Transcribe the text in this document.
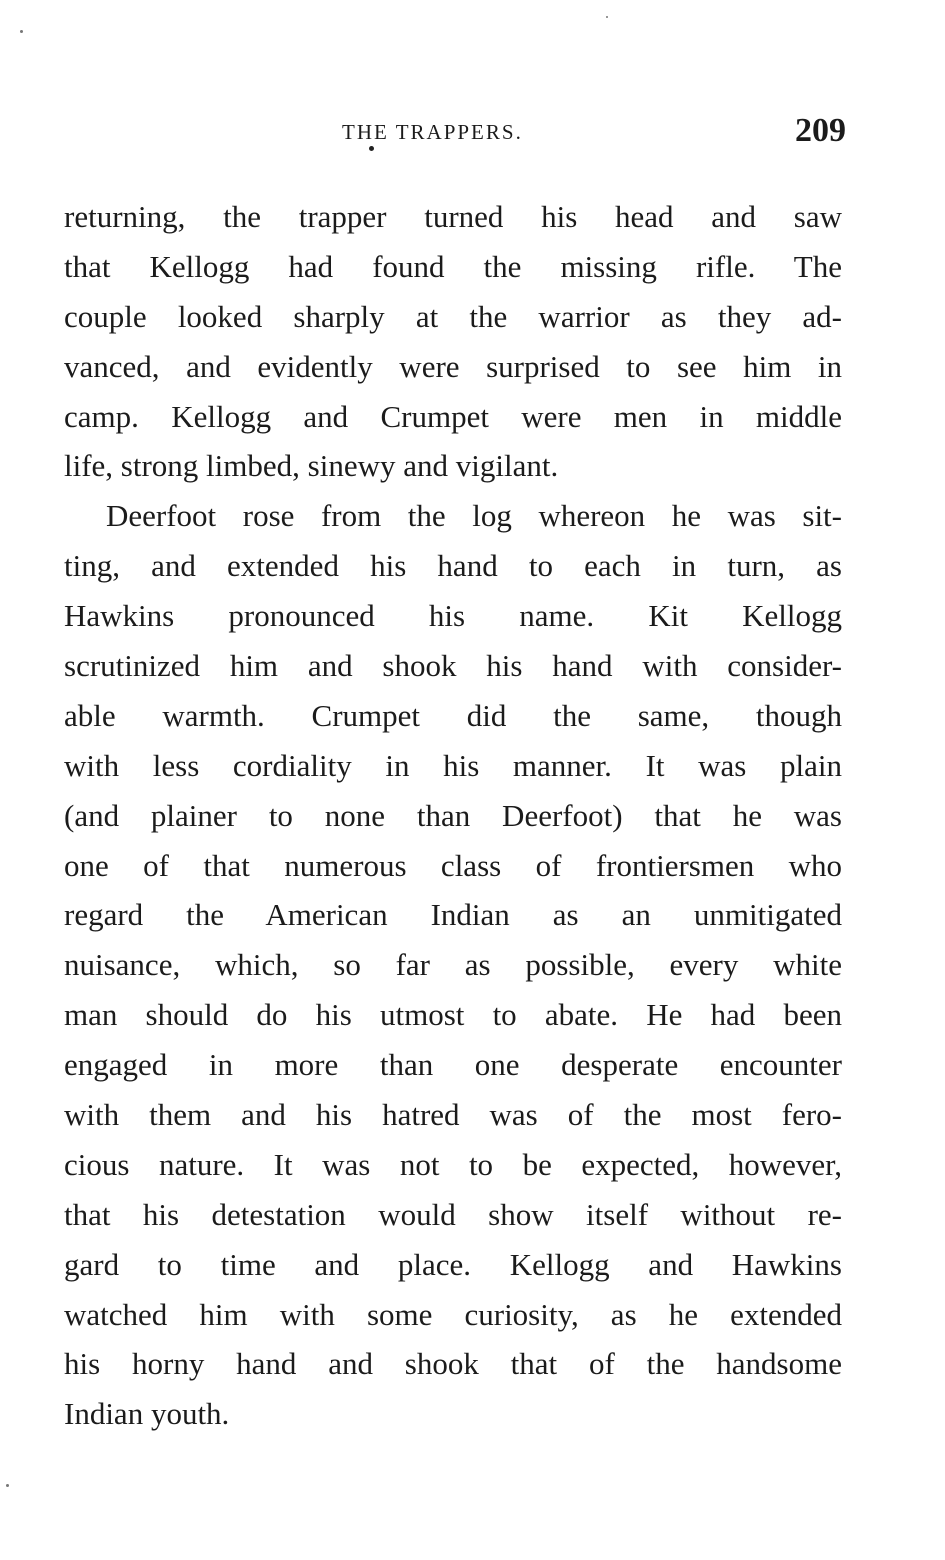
THE TRAPPERS.	209
returning, the trapper turned his head and saw
that Kellogg had found the missing rifle. The
couple looked sharply at the warrior as they ad-
vanced, and evidently were surprised to see him in
camp. Kellogg and Crumpet were men in middle
life, strong limbed, sinewy and vigilant.
Deerfoot rose from the log whereon he was sit-
ting, and extended his hand to each in turn, as
Hawkins pronounced his name. Kit Kellogg
scrutinized him and shook his hand with consider-
able warmth. Crumpet did the same, though
with less cordiality in his manner. It was plain
(and plainer to none than Deerfoot) that he was
one of that numerous class of frontiersmen who
regard the American Indian as an unmitigated
nuisance, which, so far as possible, every white
man should do his utmost to abate. He had been
engaged in more than one desperate encounter
with them and his hatred was of the most fero-
cious nature. It was not to be expected, however,
that his detestation would show itself without re-
gard to time and place. Kellogg and Hawkins
watched him with some curiosity, as he extended
his horny hand and shook that of the handsome
Indian youth.
